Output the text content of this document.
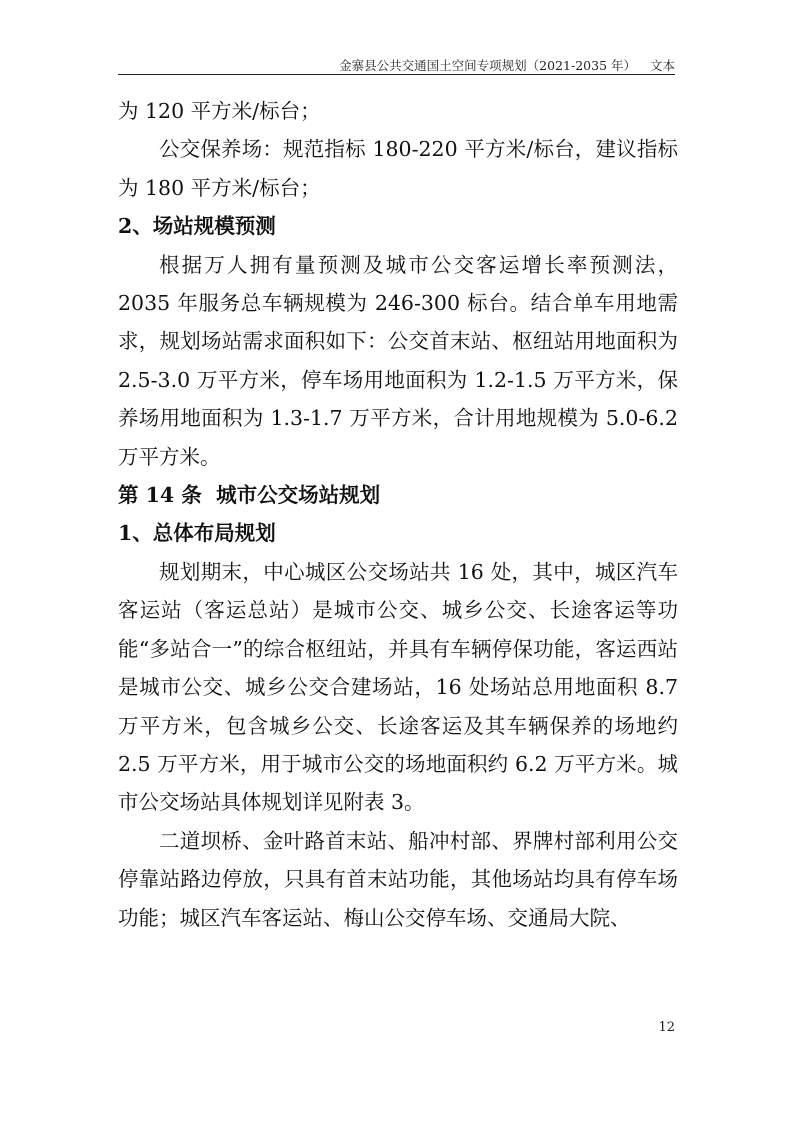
金寨县公共交通国土空间专项规划（2021-2035 年） 文本

为 120 平方米/标台；

公交保养场：规范指标 180-220 平方米/标台，建议指标为 180 平方米/标台；

2、场站规模预测

根据万人拥有量预测及城市公交客运增长率预测法，2035 年服务总车辆规模为 246-300 标台。结合单车用地需求，规划场站需求面积如下：公交首末站、枢纽站用地面积为 2.5-3.0 万平方米，停车场用地面积为 1.2-1.5 万平方米，保养场用地面积为 1.3-1.7 万平方米，合计用地规模为 5.0-6.2 万平方米。

第 14 条  城市公交场站规划
1、总体布局规划

规划期末，中心城区公交场站共 16 处，其中，城区汽车客运站（客运总站）是城市公交、城乡公交、长途客运等功能“多站合一”的综合枢纽站，并具有车辆停保功能，客运西站是城市公交、城乡公交合建场站，16 处场站总用地面积 8.7 万平方米，包含城乡公交、长途客运及其车辆保养的场地约 2.5 万平方米，用于城市公交的场地面积约 6.2 万平方米。城市公交场站具体规划详见附表 3。

二道坝桥、金叶路首末站、船冲村部、界牌村部利用公交停靠站路边停放，只具有首末站功能，其他场站均具有停车场功能；城区汽车客运站、梅山公交停车场、交通局大院、

12
